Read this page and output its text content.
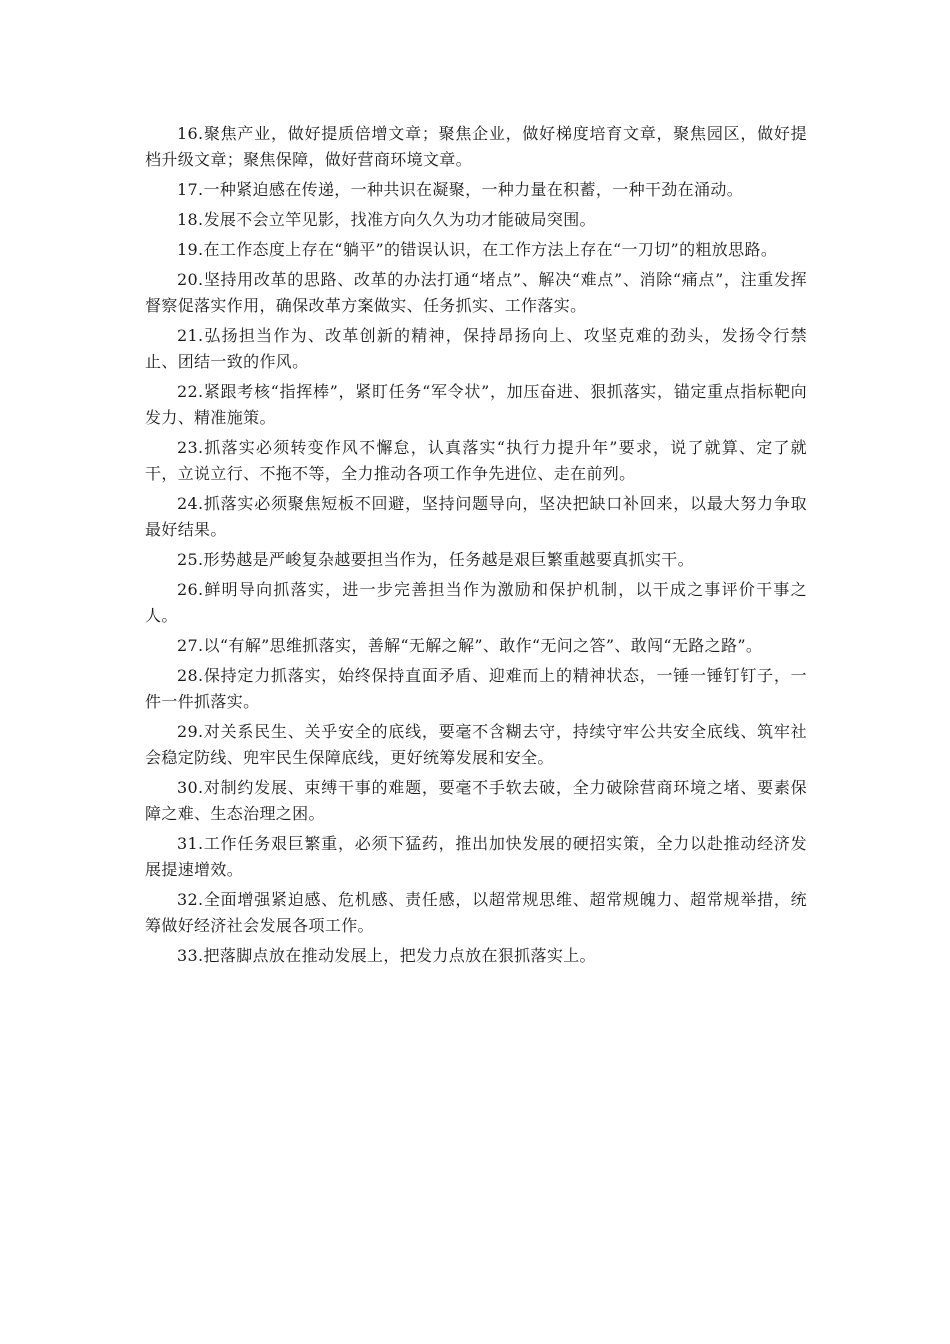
16.聚焦产业，做好提质倍增文章；聚焦企业，做好梯度培育文章，聚焦园区，做好提档升级文章；聚焦保障，做好营商环境文章。

17.一种紧迫感在传递，一种共识在凝聚，一种力量在积蓄，一种干劲在涌动。

18.发展不会立竿见影，找准方向久久为功才能破局突围。

19.在工作态度上存在“躺平”的错误认识，在工作方法上存在“一刀切”的粗放思路。

20.坚持用改革的思路、改革的办法打通“堵点”、解决“难点”、消除“痛点”，注重发挥督察促落实作用，确保改革方案做实、任务抓实、工作落实。

21.弘扬担当作为、改革创新的精神，保持昂扬向上、攻坚克难的劲头，发扬令行禁止、团结一致的作风。

22.紧跟考核“指挥棒”，紧盯任务“军令状”，加压奋进、狠抓落实，锚定重点指标靶向发力、精准施策。

23.抓落实必须转变作风不懈怠，认真落实“执行力提升年”要求，说了就算、定了就干，立说立行、不拖不等，全力推动各项工作争先进位、走在前列。

24.抓落实必须聚焦短板不回避，坚持问题导向，坚决把缺口补回来，以最大努力争取最好结果。

25.形势越是严峻复杂越要担当作为，任务越是艰巨繁重越要真抓实干。

26.鲜明导向抓落实，进一步完善担当作为激励和保护机制，以干成之事评价干事之人。

27.以“有解”思维抓落实，善解“无解之解”、敢作“无问之答”、敢闯“无路之路”。

28.保持定力抓落实，始终保持直面矛盾、迎难而上的精神状态，一锤一锤钉钉子，一件一件抓落实。

29.对关系民生、关乎安全的底线，要毫不含糊去守，持续守牢公共安全底线、筑牢社会稳定防线、兜牢民生保障底线，更好统筹发展和安全。

30.对制约发展、束缚干事的难题，要毫不手软去破，全力破除营商环境之堵、要素保障之难、生态治理之困。

31.工作任务艰巨繁重，必须下猛药，推出加快发展的硬招实策，全力以赴推动经济发展提速增效。

32.全面增强紧迫感、危机感、责任感，以超常规思维、超常规魄力、超常规举措，统筹做好经济社会发展各项工作。

33.把落脚点放在推动发展上，把发力点放在狠抓落实上。
